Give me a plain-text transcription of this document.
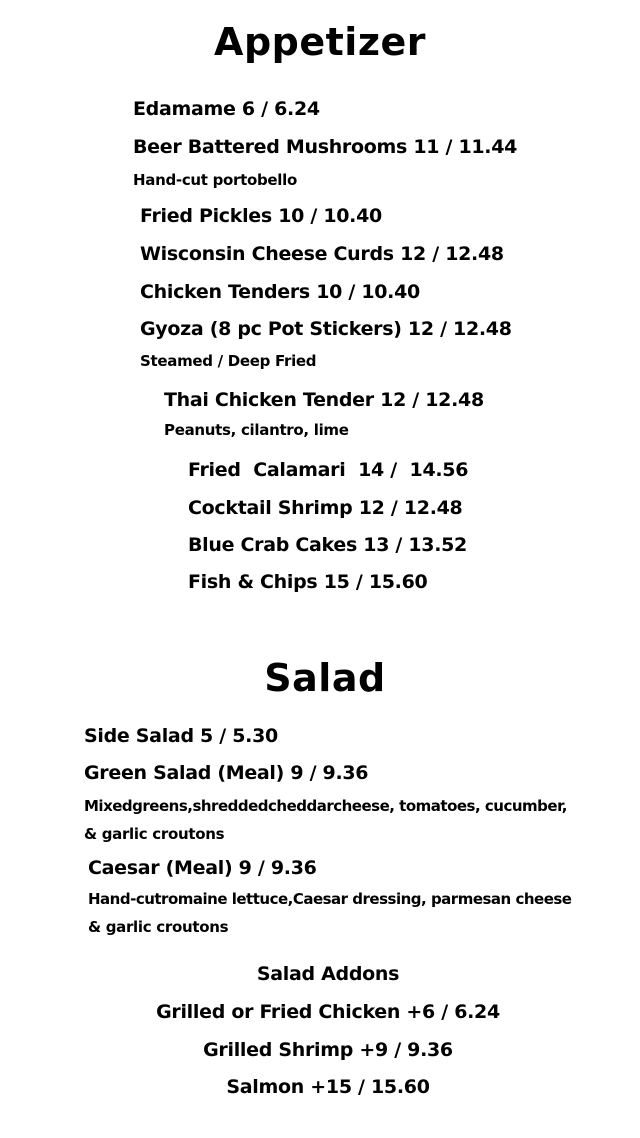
Appetizer
Edamame 6 / 6.24
Beer Battered Mushrooms 11 / 11.44
Hand-cut portobello
Fried Pickles 10 / 10.40
Wisconsin Cheese Curds 12 / 12.48
Chicken Tenders 10 / 10.40
Gyoza (8 pc Pot Stickers) 12 / 12.48
Steamed / Deep Fried
Thai Chicken Tender 12 / 12.48
Peanuts, cilantro, lime
Fried  Calamari  14 /  14.56
Cocktail Shrimp 12 / 12.48
Blue Crab Cakes 13 / 13.52
Fish & Chips 15 / 15.60
Salad
Side Salad 5 / 5.30
Green Salad (Meal) 9 / 9.36
Mixedgreens,shreddedcheddarcheese, tomatoes, cucumber,
& garlic croutons
Caesar (Meal) 9 / 9.36
Hand-cutromaine lettuce,Caesar dressing, parmesan cheese
& garlic croutons
Salad Addons
Grilled or Fried Chicken +6 / 6.24
Grilled Shrimp +9 / 9.36
Salmon +15 / 15.60
